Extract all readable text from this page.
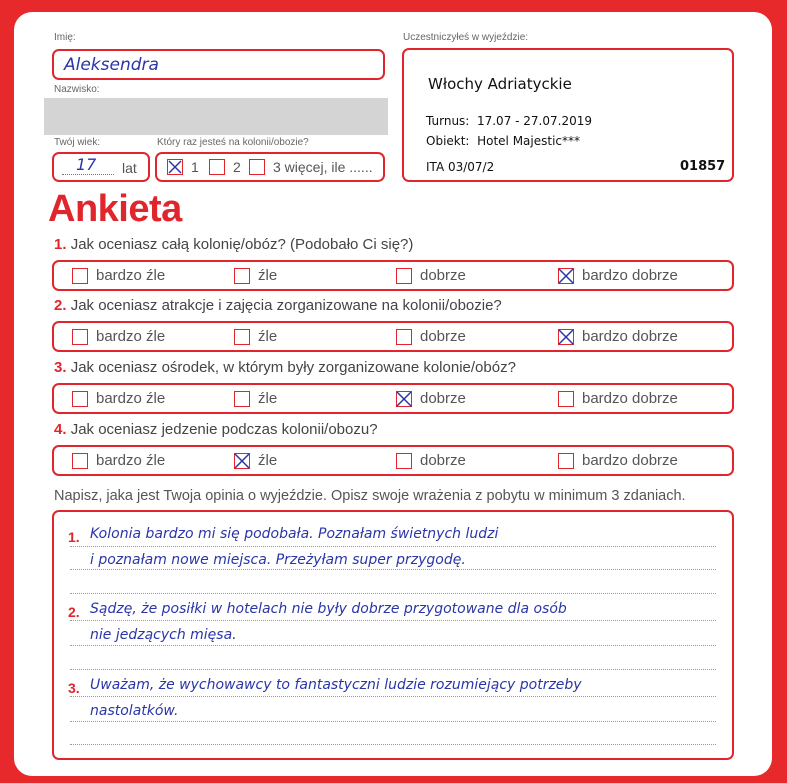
Imię:
Aleksendra
Nazwisko:
Twój wiek:
17 lat
Który raz jesteś na kolonii/obozie?
1 2 3 więcej, ile ......
Uczestniczyłeś w wyjeździe:
Włochy Adriatyckie
Turnus:  17.07 - 27.07.2019
Obiekt:  Hotel Majestic***
ITA 03/07/2	01857
Ankieta
1. Jak oceniasz całą kolonię/obóz? (Podobało Ci się?)
bardzo źle	źle	dobrze	bardzo dobrze
2. Jak oceniasz atrakcje i zajęcia zorganizowane na kolonii/obozie?
bardzo źle	źle	dobrze	bardzo dobrze
3. Jak oceniasz ośrodek, w którym były zorganizowane kolonie/obóz?
bardzo źle	źle	dobrze	bardzo dobrze
4. Jak oceniasz jedzenie podczas kolonii/obozu?
bardzo źle	źle	dobrze	bardzo dobrze
Napisz, jaka jest Twoja opinia o wyjeździe. Opisz swoje wrażenia z pobytu w minimum 3 zdaniach.
1. Kolonia bardzo mi się podobała. Poznałam świetnych ludzi
i poznałam nowe miejsca. Przeżyłam super przygodę.
2. Sądzę, że posiłki w hotelach nie były dobrze przygotowane dla osób
nie jedzących mięsa.
3. Uważam, że wychowawcy to fantastyczni ludzie rozumiejący potrzeby
nastolatków.
